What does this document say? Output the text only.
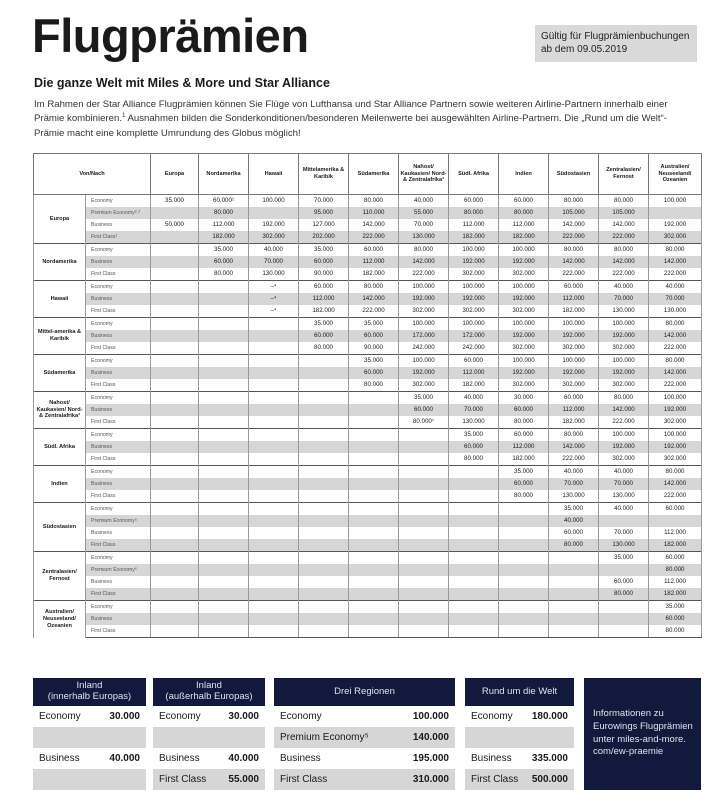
Flugprämien	Gültig für Flugprämienbuchungen ab dem 09.05.2019
Die ganze Welt mit Miles & More und Star Alliance
Im Rahmen der Star Alliance Flugprämien können Sie Flüge von Lufthansa und Star Alliance Partnern sowie weiteren Airline-Partnern innerhalb einer Prämie kombinieren.$^1$ Ausnahmen bilden die Sonderkonditionen/besonderen Meilenwerte bei ausgewählten Airline-Partnern. Die „Rund um die Welt“-Prämie macht eine komplette Umrundung des Globus möglich!
Von/Nach		Europa	Nordamerika	Hawaii	Mittelamerika & Karibik	Südamerika	Nahost/ Kaukasien/ Nord- & Zentralafrika³	Südl. Afrika	Indien	Südostasien	Zentralasien/ Fernost	Australien/ Neuseeland/ Ozeanien
Europa	Economy	35.000	60.000¹	100.000	70.000	80.000	40.000	60.000	60.000	80.000	80.000	100.000
	Premium Economy²˒³		80.000		95.000	110.000	55.000	80.000	80.000	105.000	105.000	
	Business	50.000	112.000	192.000	127.000	142.000	70.000	112.000	112.000	142.000	142.000	192.000
	First Class¹		182.000	302.000	202.000	222.000	130.000	182.000	182.000	222.000	222.000	302.000
Nordamerika	Economy		35.000	40.000	35.000	60.000	80.000	100.000	100.000	80.000	80.000	80.000
	Business		60.000	70.000	60.000	112.000	142.000	192.000	192.000	142.000	142.000	142.000
	First Class		80.000	130.000	90.000	182.000	222.000	302.000	302.000	222.000	222.000	222.000
Hawaii	Economy			–⁴	60.000	80.000	100.000	100.000	100.000	60.000	40.000	40.000
	Business			–⁴	112.000	142.000	192.000	192.000	192.000	112.000	70.000	70.000
	First Class			–⁴	182.000	222.000	302.000	302.000	302.000	182.000	130.000	130.000
Mittel-amerika & Karibik	Economy				35.000	35.000	100.000	100.000	100.000	100.000	100.000	80.000
	Business				60.000	60.000	172.000	172.000	192.000	192.000	192.000	142.000
	First Class				80.000	90.000	242.000	242.000	302.000	302.000	302.000	222.000
Südamerika	Economy					35.000	100.000	60.000	100.000	100.000	100.000	80.000
	Business					60.000	192.000	112.000	192.000	192.000	192.000	142.000
	First Class					80.000	302.000	182.000	302.000	302.000	302.000	222.000
Nahost/ Kaukasien/ Nord- & Zentralafrika³	Economy						35.000	40.000	30.000	60.000	80.000	100.000
	Business						60.000	70.000	60.000	112.000	142.000	192.000
	First Class						80.000⁷	130.000	80.000	182.000	222.000	302.000
Südl. Afrika	Economy							35.000	60.000	80.000	100.000	100.000
	Business							60.000	112.000	142.000	192.000	192.000
	First Class							80.000	182.000	222.000	302.000	302.000
Indien	Economy								35.000	40.000	40.000	80.000
	Business								60.000	70.000	70.000	142.000
	First Class								80.000	130.000	130.000	222.000
Südostasien	Economy									35.000	40.000	60.000
	Premium Economy⁵									40.000		
	Business									60.000	70.000	112.000
	First Class									80.000	130.000	182.000
Zentralasien/ Fernost	Economy										35.000	60.000
	Premium Economy⁶											80.000
	Business										60.000	112.000
	First Class										80.000	182.000
Australien/ Neuseeland/ Ozeanien	Economy											35.000
	Business											60.000
	First Class											80.000
Inland
(innerhalb Europas)
Economy	30.000
Business	40.000
Inland
(außerhalb Europas)
Economy	30.000
Business	40.000
First Class 55.000
Drei Regionen
Economy	100.000
Premium Economy⁵	140.000
Business	195.000
First Class	310.000
Rund um die Welt
Economy 180.000
Business 335.000
First Class 500.000
Informationen zu Eurowings Flugprämien unter miles-and-more. com/ew-praemie
